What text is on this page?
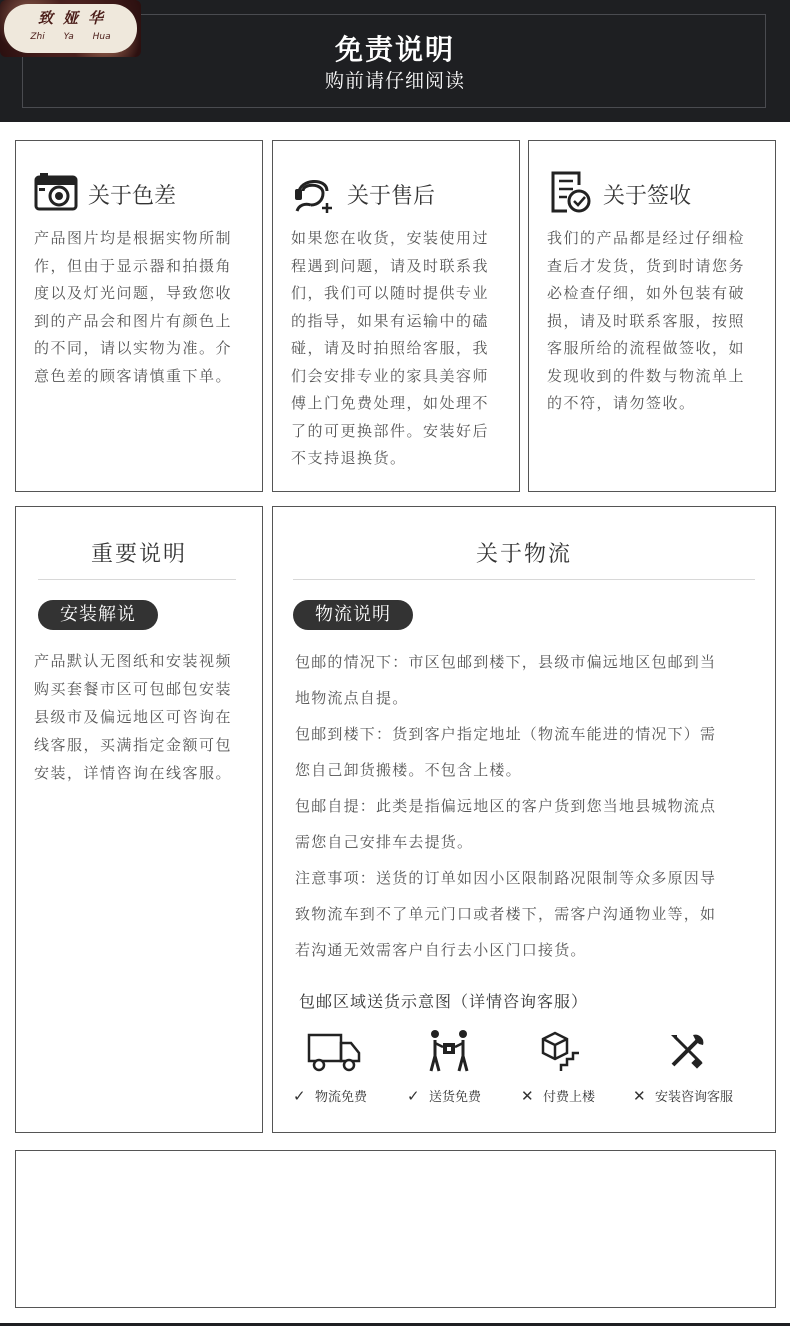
免责说明
购前请仔细阅读
致娅华
Zhi Ya Hua
关于色差
产品图片均是根据实物所制
作，但由于显示器和拍摄角
度以及灯光问题，导致您收
到的产品会和图片有颜色上
的不同，请以实物为准。介
意色差的顾客请慎重下单。
关于售后
如果您在收货，安装使用过
程遇到问题，请及时联系我
们，我们可以随时提供专业
的指导，如果有运输中的磕
碰，请及时拍照给客服，我
们会安排专业的家具美容师
傅上门免费处理，如处理不
了的可更换部件。安装好后
不支持退换货。
关于签收
我们的产品都是经过仔细检
查后才发货，货到时请您务
必检查仔细，如外包装有破
损，请及时联系客服，按照
客服所给的流程做签收，如
发现收到的件数与物流单上
的不符，请勿签收。
重要说明
安装解说
产品默认无图纸和安装视频
购买套餐市区可包邮包安装
县级市及偏远地区可咨询在
线客服，买满指定金额可包
安装，详情咨询在线客服。
关于物流
物流说明
包邮的情况下：市区包邮到楼下，县级市偏远地区包邮到当
地物流点自提。
包邮到楼下：货到客户指定地址（物流车能进的情况下）需
您自己卸货搬楼。不包含上楼。
包邮自提：此类是指偏远地区的客户货到您当地县城物流点
需您自己安排车去提货。
注意事项：送货的订单如因小区限制路况限制等众多原因导
致物流车到不了单元门口或者楼下，需客户沟通物业等，如
若沟通无效需客户自行去小区门口接货。
包邮区域送货示意图（详情咨询客服）
✓ 物流免费	✓ 送货免费	✕ 付费上楼	✕ 安装咨询客服
